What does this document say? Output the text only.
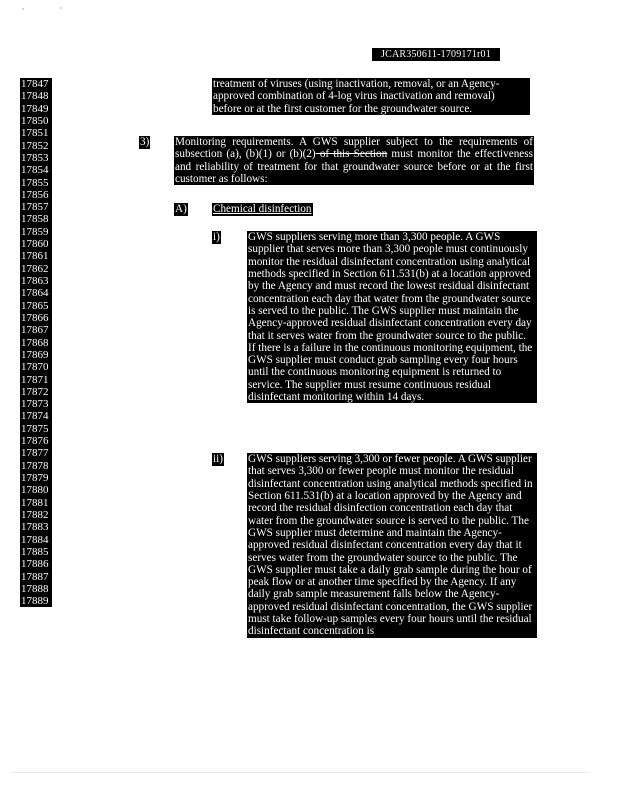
JCAR350611-1709171r01
17847
17848
17849
17850
17851
17852
17853
17854
17855
17856
17857
17858
17859
17860
17861
17862
17863
17864
17865
17866
17867
17868
17869
17870
17871
17872
17873
17874
17875
17876
17877
17878
17879
17880
17881
17882
17883
17884
17885
17886
17887
17888
17889

treatment of viruses (using inactivation, removal, or an Agency-

approved combination of 4-log virus inactivation and removal)

before or at the first customer for the groundwater source.

3) Monitoring requirements. A GWS supplier subject to the requirements of subsection (a), (b)(1) or (b)(2) of this Section must monitor the effectiveness and reliability of treatment for that groundwater source before or at the first customer as follows:

A) Chemical disinfection
i)	GWS suppliers serving more than 3,300 people. A GWS supplier that serves more than 3,300 people must continuously monitor the residual disinfectant concentration using analytical methods specified in Section 611.531(b) at a location approved by the Agency and must record the lowest residual disinfectant concentration each day that water from the groundwater source is served to the public. The GWS supplier must maintain the Agency-approved residual disinfectant concentration every day that it serves water from the groundwater source to the public. If there is a failure in the continuous monitoring equipment, the GWS supplier must conduct grab sampling every four hours until the continuous monitoring equipment is returned to service. The supplier must resume continuous residual disinfectant monitoring within 14 days.

ii) GWS suppliers serving 3,300 or fewer people. A GWS supplier that serves 3,300 or fewer people must monitor the residual disinfectant concentration using analytical methods specified in Section 611.531(b) at a location approved by the Agency and record the residual disinfection concentration each day that water from the groundwater source is served to the public. The GWS supplier must determine and maintain the Agency-approved residual disinfectant concentration every day that it serves water from the groundwater source to the public. The GWS supplier must take a daily grab sample during the hour of peak flow or at another time specified by the Agency. If any daily grab sample measurement falls below the Agency-approved residual disinfectant concentration, the GWS supplier must take follow-up samples every four hours until the residual disinfectant concentration is
